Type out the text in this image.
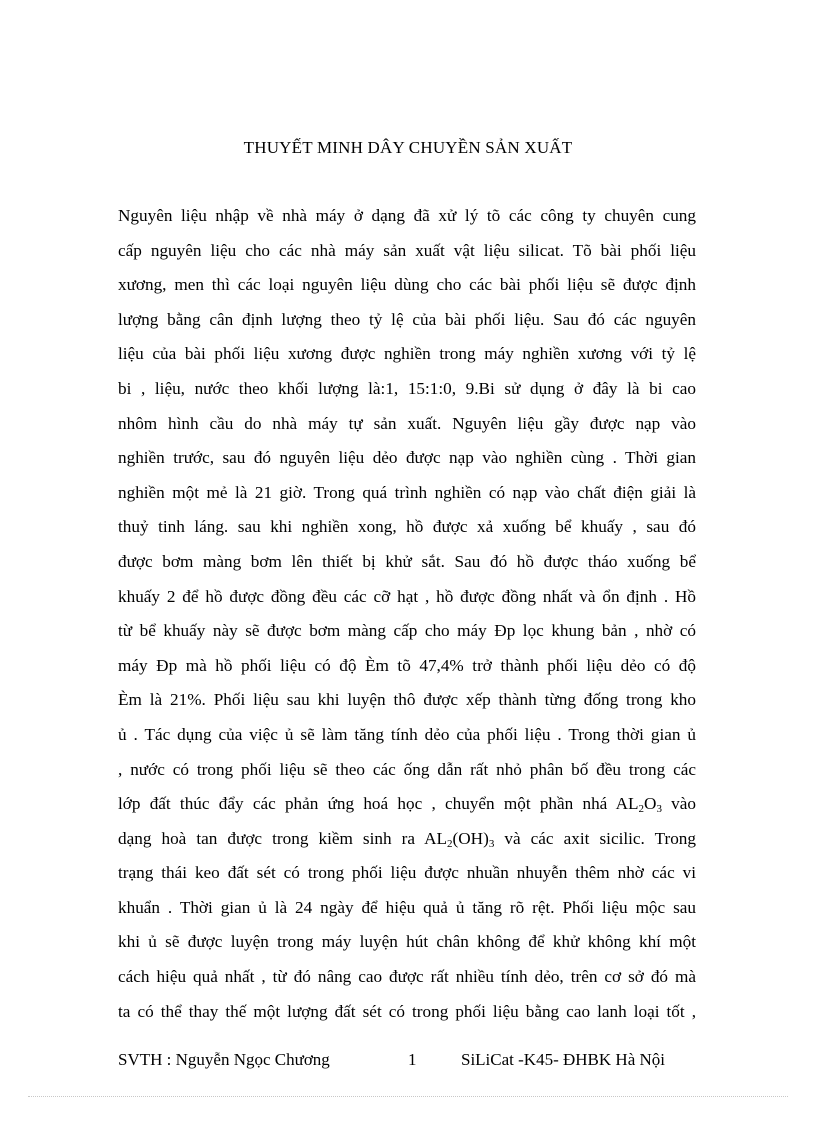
THUYẾT MINH DÂY CHUYỀN SẢN XUẤT
Nguyên liệu nhập về nhà máy ở dạng đã xử lý tõ các công ty chuyên cung
cấp nguyên liệu cho các nhà máy sản xuất vật liệu silicat. Tõ bài phối liệu
xương, men thì các loại nguyên liệu dùng cho các bài phối liệu sẽ được định
lượng bằng cân định lượng theo tỷ lệ của bài phối liệu. Sau đó các nguyên
liệu của bài phối liệu xương được nghiền trong máy nghiền xương với tỷ lệ
bi , liệu, nước theo khối lượng là:1, 15:1:0, 9.Bi sử dụng ở đây là bi cao
nhôm hình cầu do nhà máy tự sản xuất. Nguyên liệu gầy được nạp vào
nghiền trước, sau đó nguyên liệu dẻo được nạp vào nghiền cùng . Thời gian
nghiền một mẻ là 21 giờ. Trong quá trình nghiền có nạp vào chất điện giải là
thuỷ tinh láng. sau khi nghiền xong, hồ được xả xuống bể khuấy , sau đó
được bơm màng bơm lên thiết bị khử sắt. Sau đó hồ được tháo xuống bể
khuấy 2 để hồ được đồng đều các cỡ hạt , hồ được đồng nhất và ổn định . Hồ
từ bể khuấy này sẽ được bơm màng cấp cho máy Ðp lọc khung bản , nhờ có
máy Ðp mà hồ phối liệu có độ Èm tõ 47,4% trở thành phối liệu dẻo có độ
Èm là 21%. Phối liệu sau khi luyện thô được xếp thành từng đống trong kho
ủ . Tác dụng của việc ủ sẽ làm tăng tính dẻo của phối liệu . Trong thời gian ủ
, nước có trong phối liệu sẽ theo các ống dẫn rất nhỏ phân bố đều trong các
lớp đất thúc đẩy các phản ứng hoá học , chuyển một phần nhá $AL_2O_3$ vào
dạng hoà tan được trong kiềm sinh ra $AL_2(OH)_3$ và các axit sicilic. Trong
trạng thái keo đất sét có trong phối liệu được nhuần nhuyễn thêm nhờ các vi
khuẩn . Thời gian ủ là 24 ngày để hiệu quả ủ tăng rõ rệt. Phối liệu mộc sau
khi ủ sẽ được luyện trong máy luyện hút chân không để khử không khí một
cách hiệu quả nhất , từ đó nâng cao được rất nhiều tính dẻo, trên cơ sở đó mà
ta có thể thay thế một lượng đất sét có trong phối liệu bằng cao lanh loại tốt ,
SVTH : Nguyễn Ngọc Chương	1	SiLiCat -K45- ĐHBK Hà Nội
